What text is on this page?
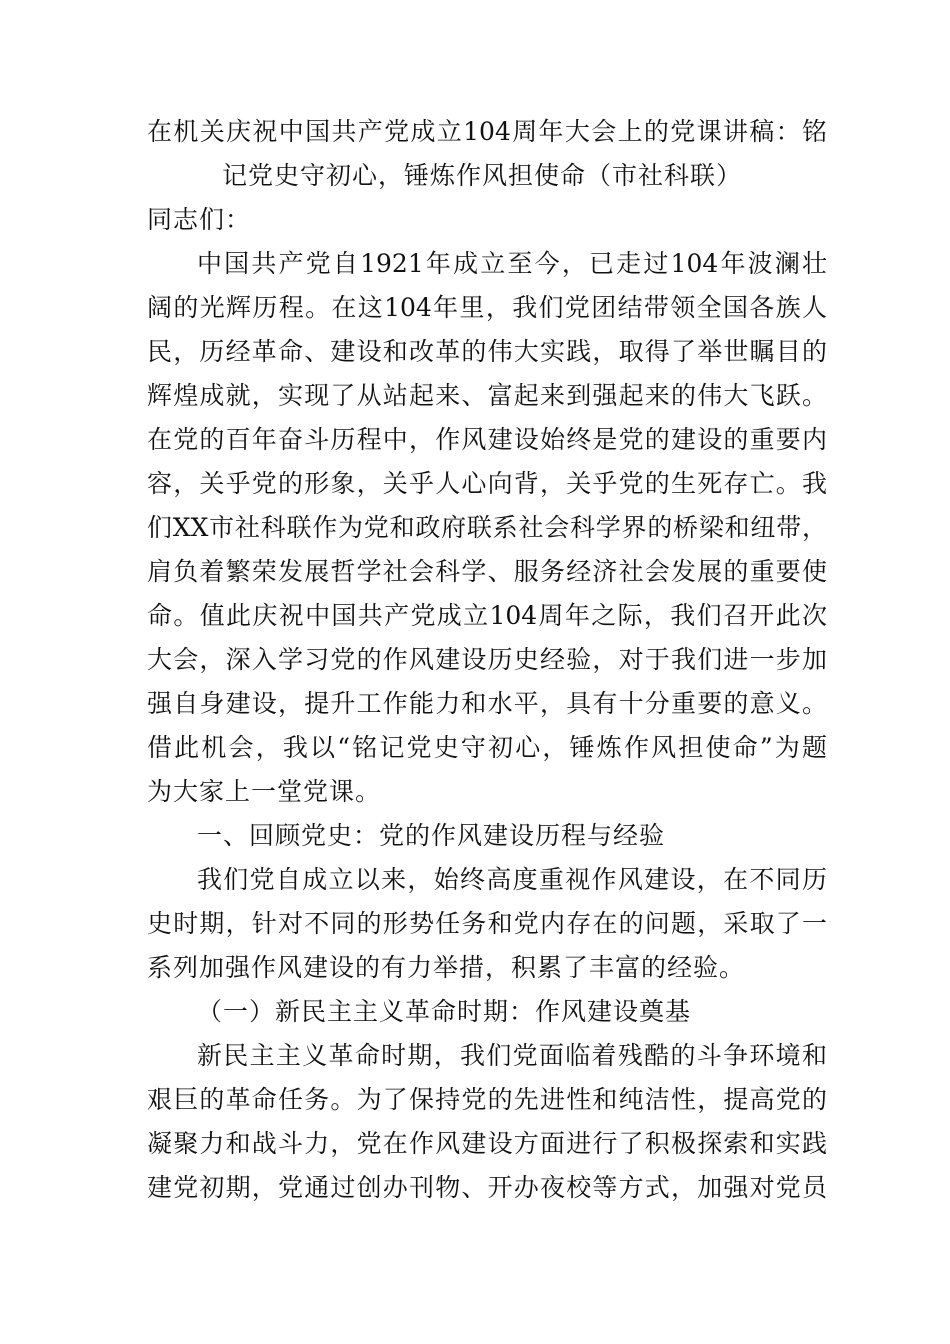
在机关庆祝中国共产党成立104周年大会上的党课讲稿：铭
记党史守初心，锤炼作风担使命（市社科联）
同志们：
中国共产党自1921年成立至今，已走过104年波澜壮
阔的光辉历程。在这104年里，我们党团结带领全国各族人
民，历经革命、建设和改革的伟大实践，取得了举世瞩目的
辉煌成就，实现了从站起来、富起来到强起来的伟大飞跃。
在党的百年奋斗历程中，作风建设始终是党的建设的重要内
容，关乎党的形象，关乎人心向背，关乎党的生死存亡。我
们XX市社科联作为党和政府联系社会科学界的桥梁和纽带，
肩负着繁荣发展哲学社会科学、服务经济社会发展的重要使
命。值此庆祝中国共产党成立104周年之际，我们召开此次
大会，深入学习党的作风建设历史经验，对于我们进一步加
强自身建设，提升工作能力和水平，具有十分重要的意义。
借此机会，我以“铭记党史守初心，锤炼作风担使命”为题
为大家上一堂党课。
一、回顾党史：党的作风建设历程与经验
我们党自成立以来，始终高度重视作风建设，在不同历
史时期，针对不同的形势任务和党内存在的问题，采取了一
系列加强作风建设的有力举措，积累了丰富的经验。
（一）新民主主义革命时期：作风建设奠基
新民主主义革命时期，我们党面临着残酷的斗争环境和
艰巨的革命任务。为了保持党的先进性和纯洁性，提高党的
凝聚力和战斗力，党在作风建设方面进行了积极探索和实践
建党初期，党通过创办刊物、开办夜校等方式，加强对党员
